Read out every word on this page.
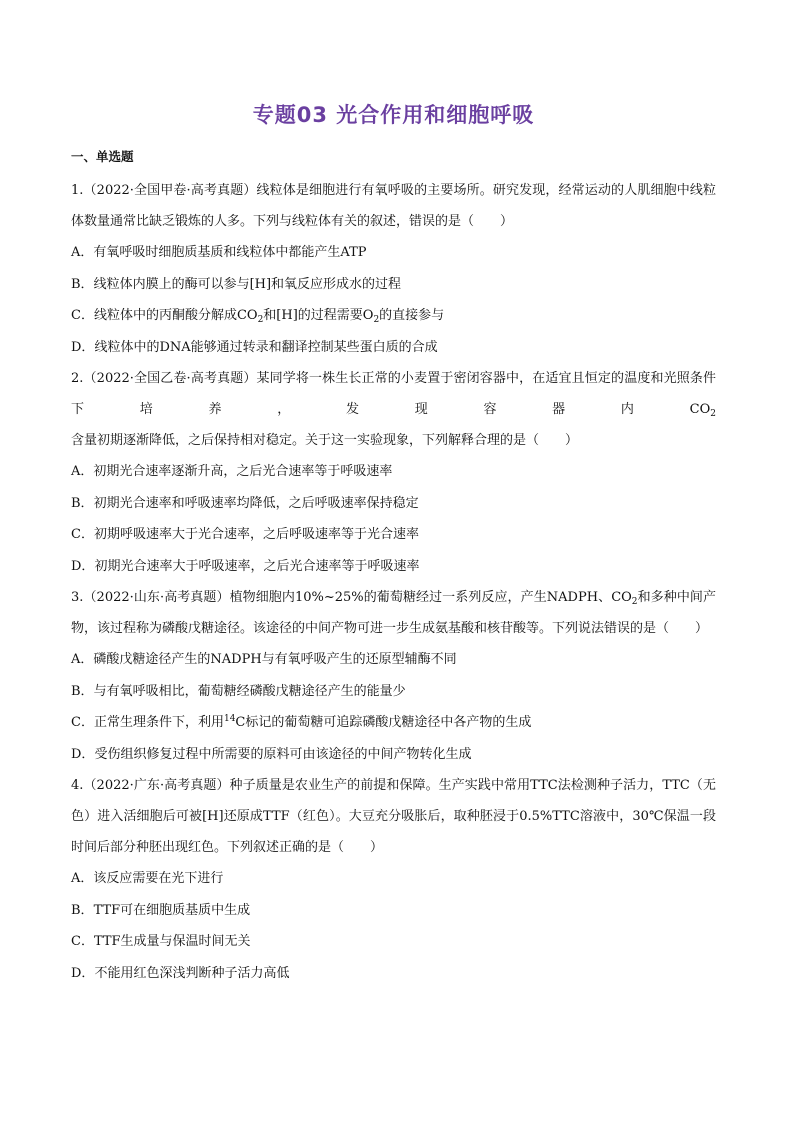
专题03 光合作用和细胞呼吸
一、单选题

1.（2022·全国甲卷·高考真题）线粒体是细胞进行有氧呼吸的主要场所。研究发现，经常运动的人肌细胞中线粒体数量通常比缺乏锻炼的人多。下列与线粒体有关的叙述，错误的是（　　）

A．有氧呼吸时细胞质基质和线粒体中都能产生ATP
B．线粒体内膜上的酶可以参与[H]和氧反应形成水的过程
C．线粒体中的丙酮酸分解成$CO_2$和[H]的过程需要$O_2$的直接参与
D．线粒体中的DNA能够通过转录和翻译控制某些蛋白质的合成

2.（2022·全国乙卷·高考真题）某同学将一株生长正常的小麦置于密闭容器中，在适宜且恒定的温度和光照条件下培养，发现容器内$CO_2$含量初期逐渐降低，之后保持相对稳定。关于这一实验现象，下列解释合理的是（　　）

A．初期光合速率逐渐升高，之后光合速率等于呼吸速率
B．初期光合速率和呼吸速率均降低，之后呼吸速率保持稳定
C．初期呼吸速率大于光合速率，之后呼吸速率等于光合速率
D．初期光合速率大于呼吸速率，之后光合速率等于呼吸速率

3.（2022·山东·高考真题）植物细胞内10%~25%的葡萄糖经过一系列反应，产生NADPH、$CO_2$和多种中间产物，该过程称为磷酸戊糖途径。该途径的中间产物可进一步生成氨基酸和核苷酸等。下列说法错误的是（　　）

A．磷酸戊糖途径产生的NADPH与有氧呼吸产生的还原型辅酶不同
B．与有氧呼吸相比，葡萄糖经磷酸戊糖途径产生的能量少
C．正常生理条件下，利用$^{14}$C标记的葡萄糖可追踪磷酸戊糖途径中各产物的生成
D．受伤组织修复过程中所需要的原料可由该途径的中间产物转化生成

4.（2022·广东·高考真题）种子质量是农业生产的前提和保障。生产实践中常用TTC法检测种子活力，TTC（无色）进入活细胞后可被[H]还原成TTF（红色）。大豆充分吸胀后，取种胚浸于0.5%TTC溶液中，30℃保温一段时间后部分种胚出现红色。下列叙述正确的是（　　）

A．该反应需要在光下进行
B．TTF可在细胞质基质中生成
C．TTF生成量与保温时间无关
D．不能用红色深浅判断种子活力高低
